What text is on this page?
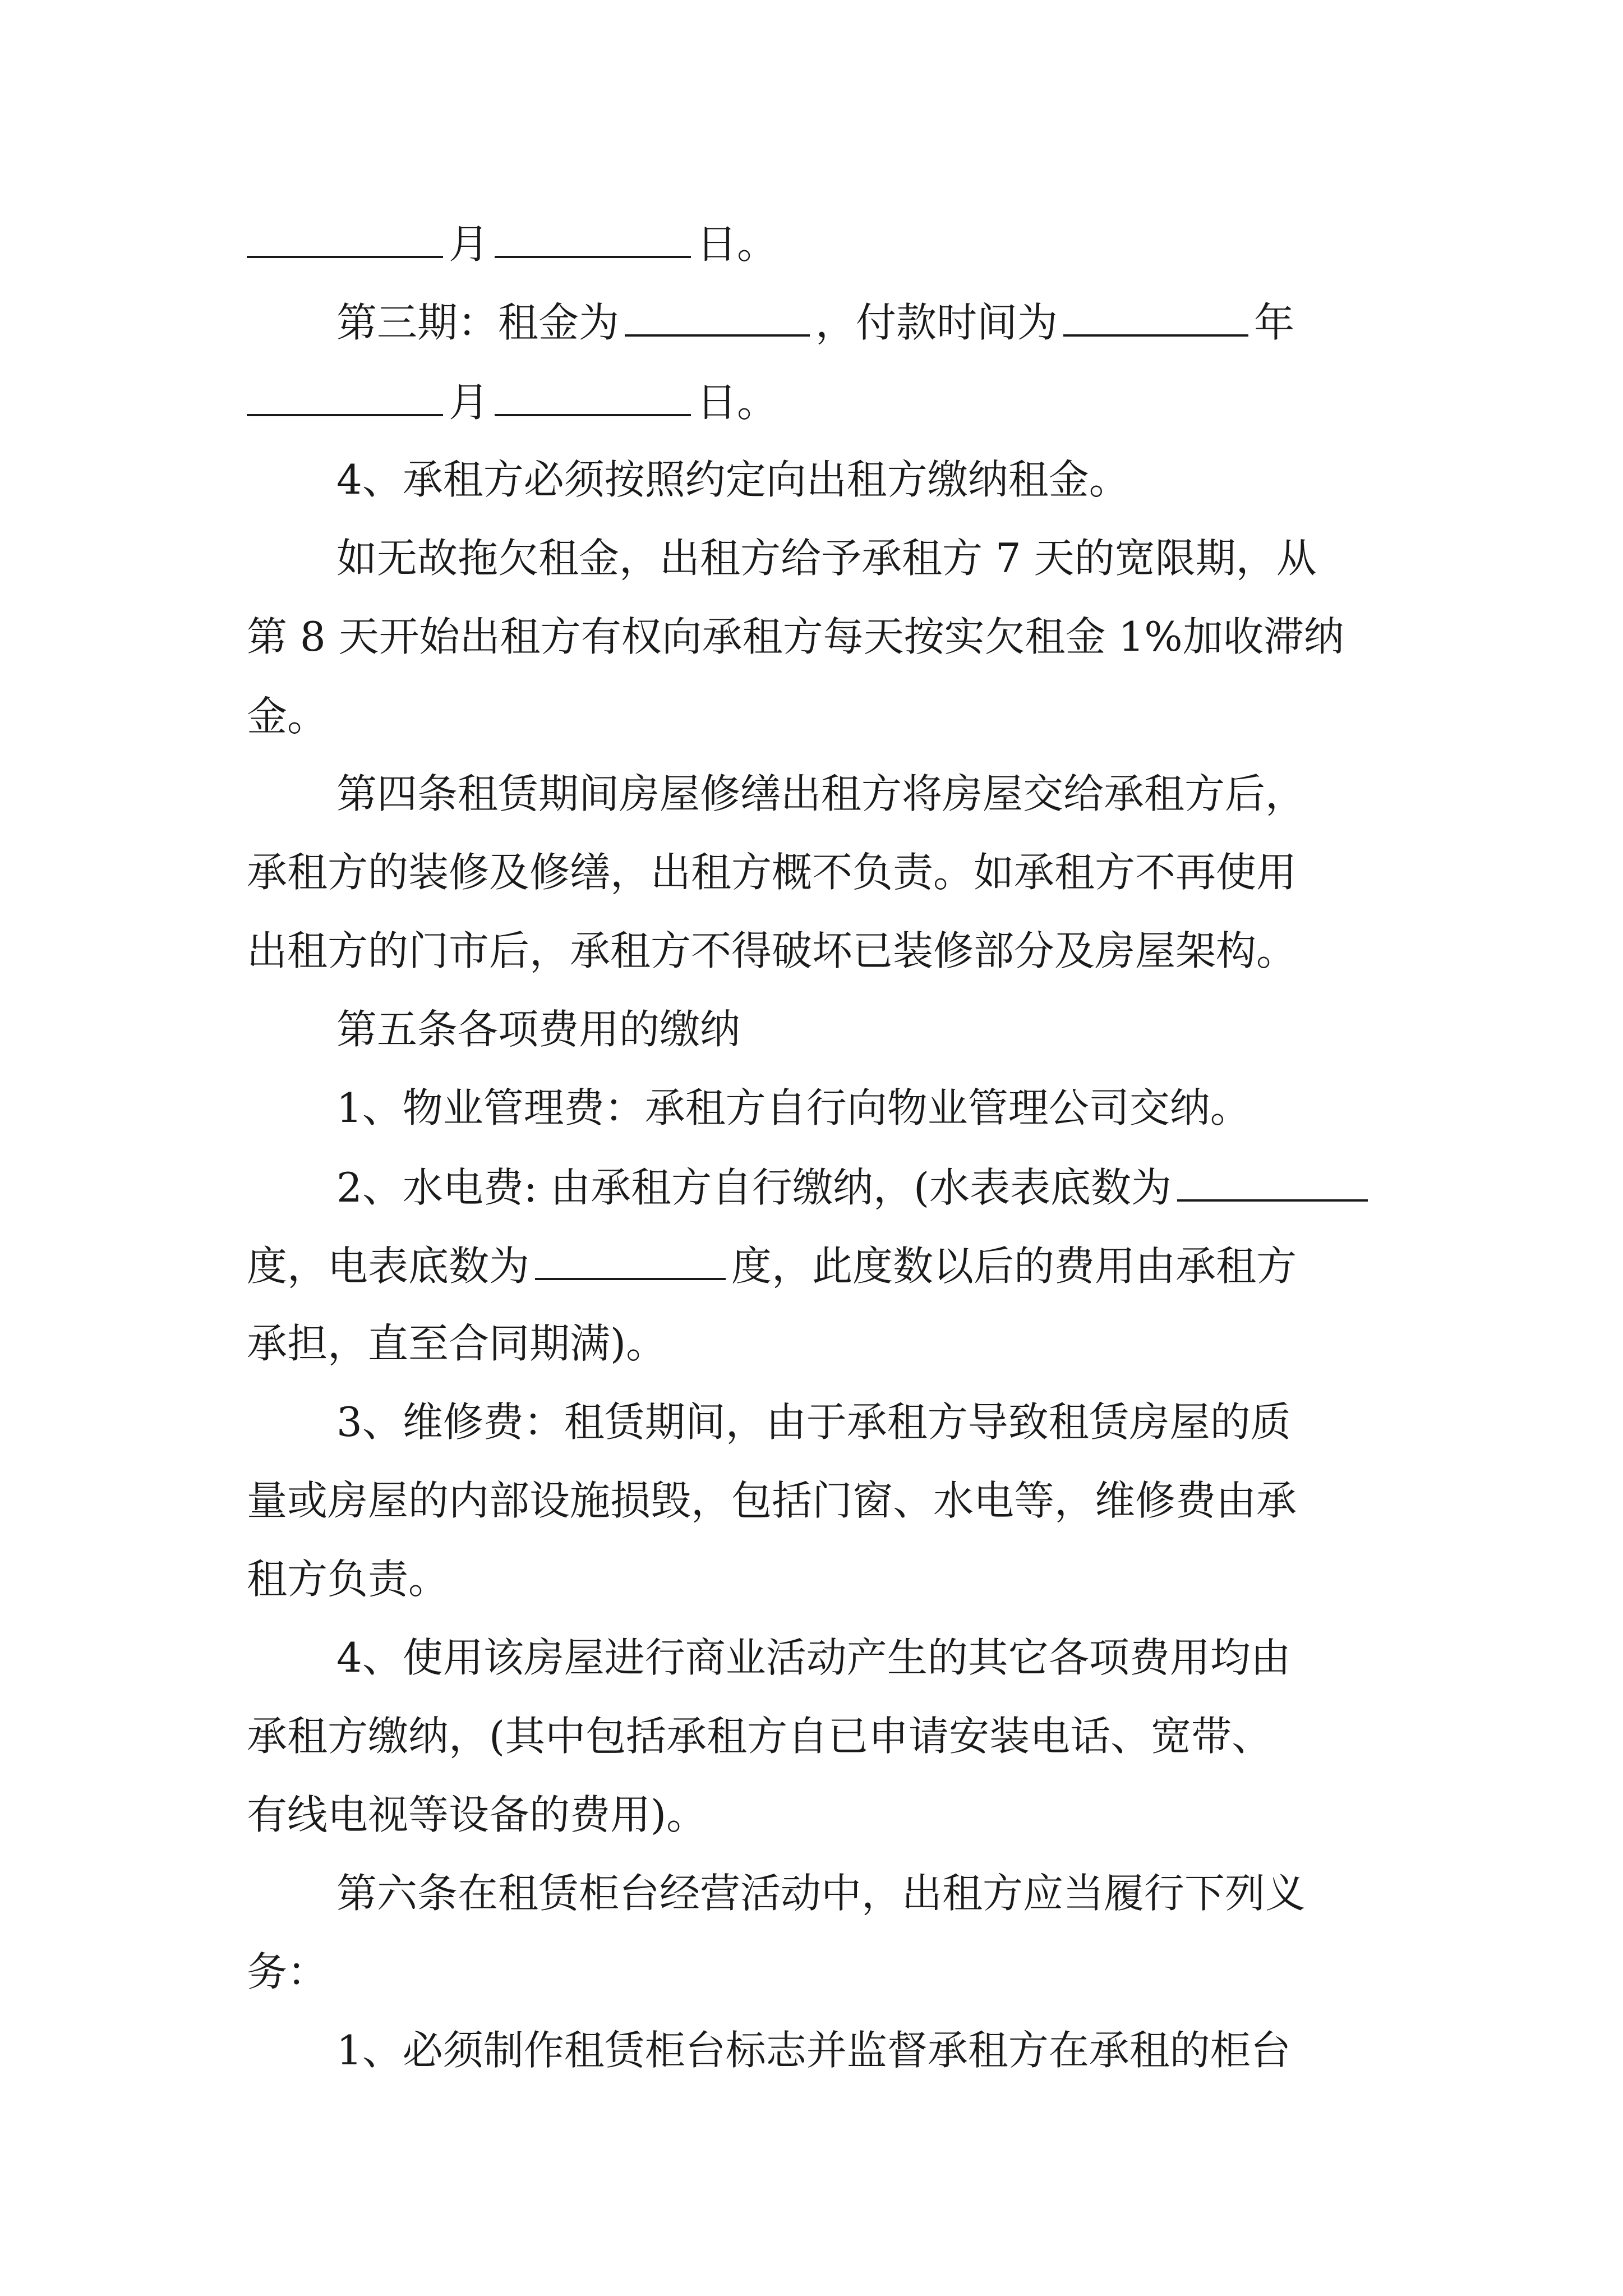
月	日。
第三期：租金为	，付款时间为	年
月	日。
4、承租方必须按照约定向出租方缴纳租金。
如无故拖欠租金，出租方给予承租方 7 天的宽限期，从
第 8 天开始出租方有权向承租方每天按实欠租金 1%加收滞纳
金。
第四条租赁期间房屋修缮出租方将房屋交给承租方后，
承租方的装修及修缮，出租方概不负责。如承租方不再使用
出租方的门市后，承租方不得破坏已装修部分及房屋架构。
第五条各项费用的缴纳
1、物业管理费：承租方自行向物业管理公司交纳。
2、水电费: 由承租方自行缴纳，(水表表底数为
度，电表底数为	度，此度数以后的费用由承租方
承担，直至合同期满)。
3、维修费：租赁期间，由于承租方导致租赁房屋的质
量或房屋的内部设施损毁，包括门窗、水电等，维修费由承
租方负责。
4、使用该房屋进行商业活动产生的其它各项费用均由
承租方缴纳，(其中包括承租方自已申请安装电话、宽带、
有线电视等设备的费用)。
第六条在租赁柜台经营活动中，出租方应当履行下列义
务：
1、必须制作租赁柜台标志并监督承租方在承租的柜台
